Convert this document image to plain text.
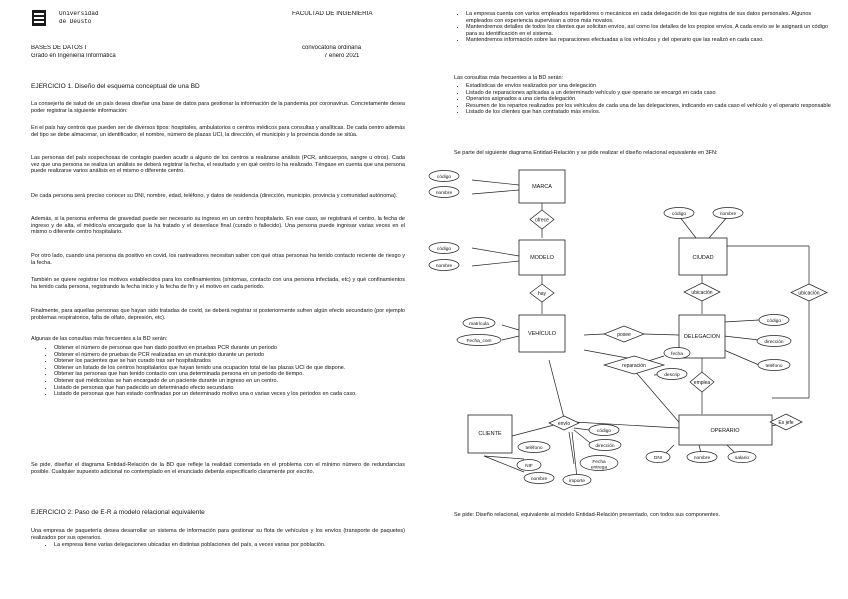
Universidad
de Deusto
FACULTAD DE INGENIERÍA
BASES DE DATOS I
Grado en Ingeniería Informática
convocatoria ordinaria
7 enero 2021
EJERCICIO 1. Diseño del esquema conceptual de una BD
La consejería de salud de un país desea diseñar una base de datos para gestionar la información de la pandemia por coronavirus. Concretamente desea poder registrar la siguiente información:
En el país hay centros que pueden ser de diversos tipos: hospitales, ambulatorios o centros médicos para consultas y analíticas. De cada centro además del tipo se debe almacenar, un identificador, el nombre, número de plazas UCI, la dirección, el municipio y la provincia donde se sitúa.
Las personas del país sospechosas de contagio pueden acudir a alguno de los centros a realizarse análisis (PCR, anticuerpos, sangre u otros). Cada vez que una persona se realiza un análisis se deberá registrar la fecha, el resultado y en qué centro lo ha realizado. Téngase en cuenta que una persona puede realizarse varios análisis en el mismo o diferente centro.
De cada persona será preciso conocer su DNI, nombre, edad, teléfono, y datos de residencia (dirección, municipio, provincia y comunidad autónoma).
Además, si la persona enferma de gravedad puede ser necesario su ingreso en un centro hospitalario. En ese caso, se registrará el centro, la fecha de ingreso y de alta, el médico/a encargado que la ha tratado y el desenlace final (curado o fallecido). Una persona puede ingresar varias veces en el mismo o diferente centro hospitalario.
Por otro lado, cuando una persona da positivo en covid, los rastreadores necesitan saber con qué otras personas ha tenido contacto reciente de riesgo y la fecha.
También se quiere registrar los motivos establecidos para los confinamientos (síntomas, contacto con una persona infectada, etc) y qué confinamientos ha tenido cada persona, registrando la fecha inicio y la fecha de fin y el motivo en cada periodo.
Finalmente, para aquellas personas que hayan sido tratadas de covid, se deberá registrar si posteriormente sufren algún efecto secundario (por ejemplo problemas respiratorios, falta de olfato, depresión, etc).
Algunas de las consultas más frecuentes a la BD serán:
• Obtener el número de personas que han dado positivo en pruebas PCR durante un periodo
• Obtener el número de pruebas de PCR realizadas en un municipio durante un periodo
• Obtener los pacientes que se han curado tras ser hospitalizados
• Obtener un listado de los centros hospitalarios que hayan tenido una ocupación total de las plazas UCI de que dispone.
• Obtener las personas que han tenido contacto con una determinada persona en un periodo de tiempo.
• Obtener qué médicos/as se han encargado de un paciente durante un ingreso en un centro.
• Listado de personas que han padecido un determinado efecto secundario
• Listado de personas que han estado confinadas por un determinado motivo una o varias veces y los periodos en cada caso.
Se pide, diseñar el diagrama Entidad-Relación de la BD que refleje la realidad comentada en el problema con el mínimo número de redundancias posible. Cualquier supuesto adicional no contemplado en el enunciado deberás especificarlo claramente por escrito.
EJERCICIO 2: Paso de E-R a modelo relacional equivalente
Una empresa de paquetería desea desarrollar un sistema de información para gestionar su flota de vehículos y los envíos (transporte de paquetes) realizados por sus operarios.
• La empresa tiene varias delegaciones ubicadas en distintas poblaciones del país, a veces varias por población.
• La empresa cuenta con varios empleados repartidores o mecánicos en cada delegación de los que registra de sus datos personales. Algunos empleados con experiencia supervisan a otros más novatos.
• Mantendremos detalles de todos los clientes que solicitan envíos, así como los detalles de los propios envíos. A cada envío se le asignará un código para su identificación en el sistema.
• Mantendremos información sobre las reparaciones efectuadas a los vehículos y del operario que las realizó en cada caso.
Las consultas más frecuentes a la BD serán:
• Estadísticas de envíos realizados por una delegación
• Listado de reparaciones aplicadas a un determinado vehículo y que operario se encargó en cada caso
• Operarios asignados a una cierta delegación
• Resumen de los repartos realizados por los vehículos de cada una de las delegaciones, indicando en cada caso el vehículo y el operario responsable
• Listado de los clientes que han contratado más envíos.
Se parte del siguiente diagrama Entidad-Relación y se pide realizar el diseño relacional equivalente en 3FN:
MARCA
MODELO	CIUDAD
VEHÍCULO	DELEGACION
CLIENTE	OPERARIO
ofrece
hay	ubicación	ubicación
posee
reparación
emplea
envío	Es jefe
código
nombre
código
nombre
código	nombre
matrícula
Fecha_com
código
dirección
teléfono
fecha
descrip
código
dirección
Fecha entrega
importe
teléfono
NIF
nombre
DNI	nombre	salario
Se pide: Diseño relacional, equivalente al modelo Entidad-Relación presentado, con todos sus componentes.
